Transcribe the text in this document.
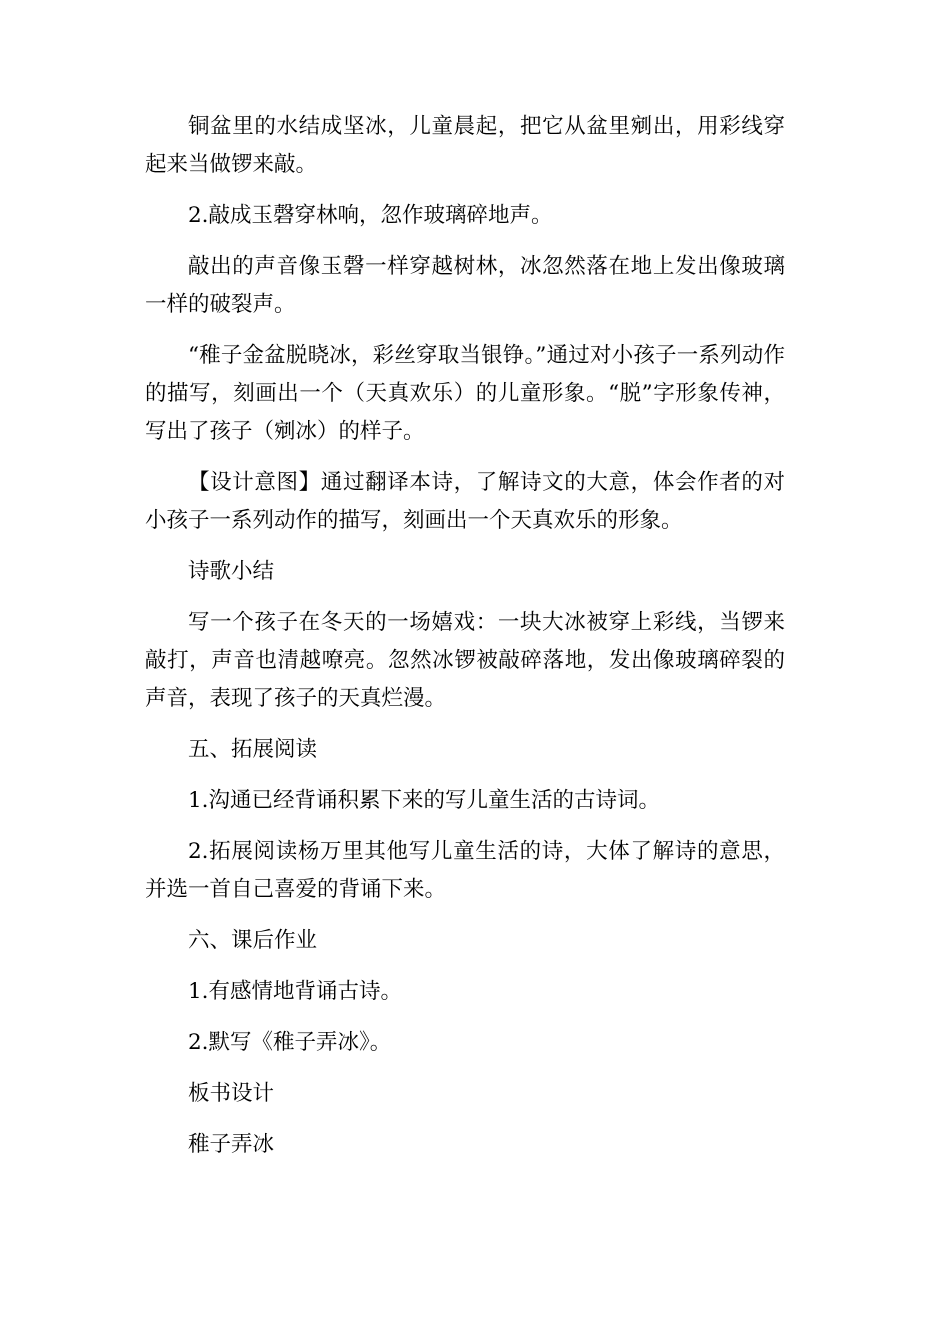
铜盆里的水结成坚冰，儿童晨起，把它从盆里剜出，用彩线穿起来当做锣来敲。

2.敲成玉磬穿林响，忽作玻璃碎地声。

敲出的声音像玉磬一样穿越树林，冰忽然落在地上发出像玻璃一样的破裂声。

“稚子金盆脱晓冰，彩丝穿取当银铮。”通过对小孩子一系列动作的描写，刻画出一个（天真欢乐）的儿童形象。“脱”字形象传神，写出了孩子（剜冰）的样子。

【设计意图】通过翻译本诗，了解诗文的大意，体会作者的对小孩子一系列动作的描写，刻画出一个天真欢乐的形象。

诗歌小结

写一个孩子在冬天的一场嬉戏：一块大冰被穿上彩线，当锣来敲打，声音也清越嘹亮。忽然冰锣被敲碎落地，发出像玻璃碎裂的声音，表现了孩子的天真烂漫。

五、拓展阅读

1.沟通已经背诵积累下来的写儿童生活的古诗词。

2.拓展阅读杨万里其他写儿童生活的诗，大体了解诗的意思，并选一首自己喜爱的背诵下来。

六、课后作业

1.有感情地背诵古诗。

2.默写《稚子弄冰》。

板书设计

稚子弄冰
